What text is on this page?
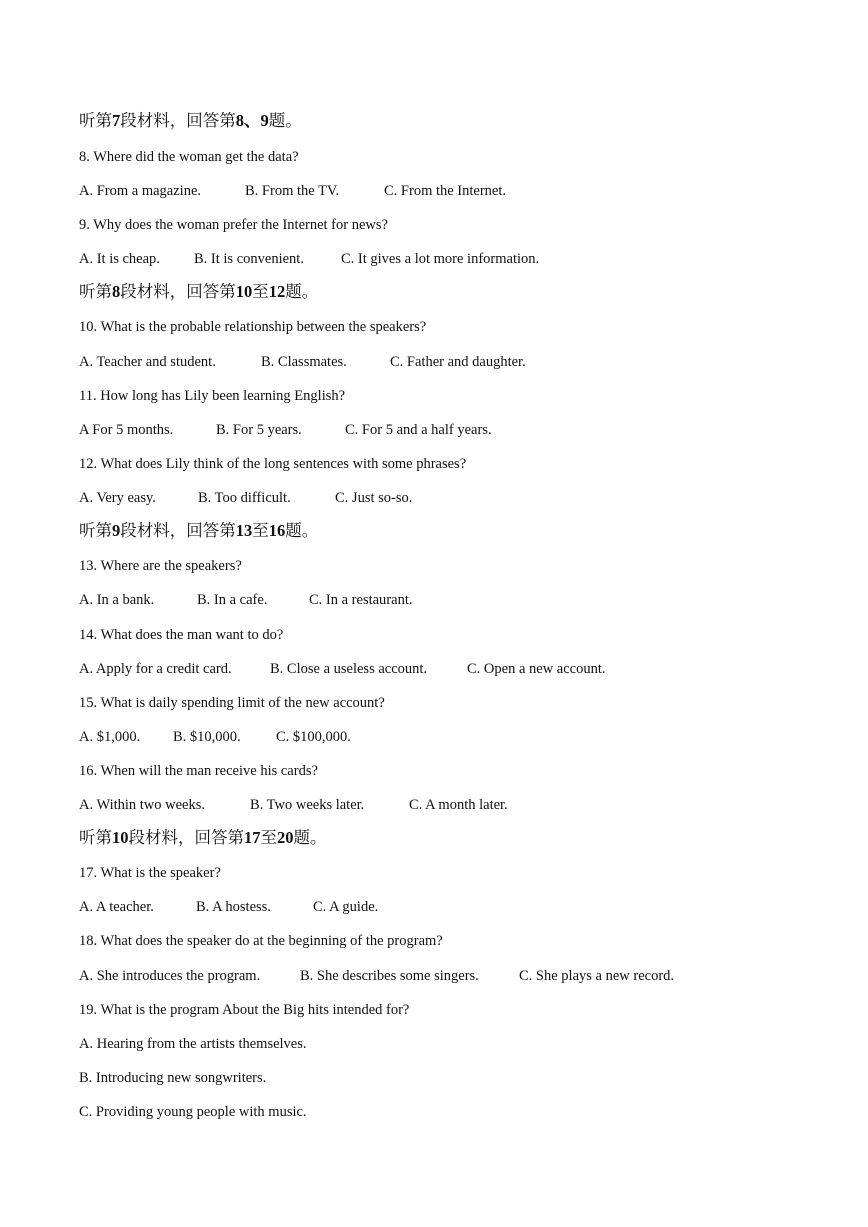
听第7段材料，回答第8、9题。
8. Where did the woman get the data?
A. From a magazine.	B. From the TV.	C. From the Internet.
9. Why does the woman prefer the Internet for news?
A. It is cheap. B. It is convenient.	C. It gives a lot more information.
听第8段材料，回答第10至12题。
10. What is the probable relationship between the speakers?
A. Teacher and student.	B. Classmates.	C. Father and daughter.
11. How long has Lily been learning English?
A For 5 months.	B. For 5 years.	C. For 5 and a half years.
12. What does Lily think of the long sentences with some phrases?
A. Very easy.	B. Too difficult.	C. Just so-so.
听第9段材料，回答第13至16题。
13. Where are the speakers?
A. In a bank.	B. In a cafe.	C. In a restaurant.
14. What does the man want to do?
A. Apply for a credit card.	B. Close a useless account.	C. Open a new account.
15. What is daily spending limit of the new account?
A. $1,000. B. $10,000. C. $100,000.
16. When will the man receive his cards?
A. Within two weeks.	B. Two weeks later.	C. A month later.
听第10段材料，回答第17至20题。
17. What is the speaker?
A. A teacher.	B. A hostess.	C. A guide.
18. What does the speaker do at the beginning of the program?
A. She introduces the program.	B. She describes some singers.	C. She plays a new record.
19. What is the program About the Big hits intended for?
A. Hearing from the artists themselves.
B. Introducing new songwriters.
C. Providing young people with music.
